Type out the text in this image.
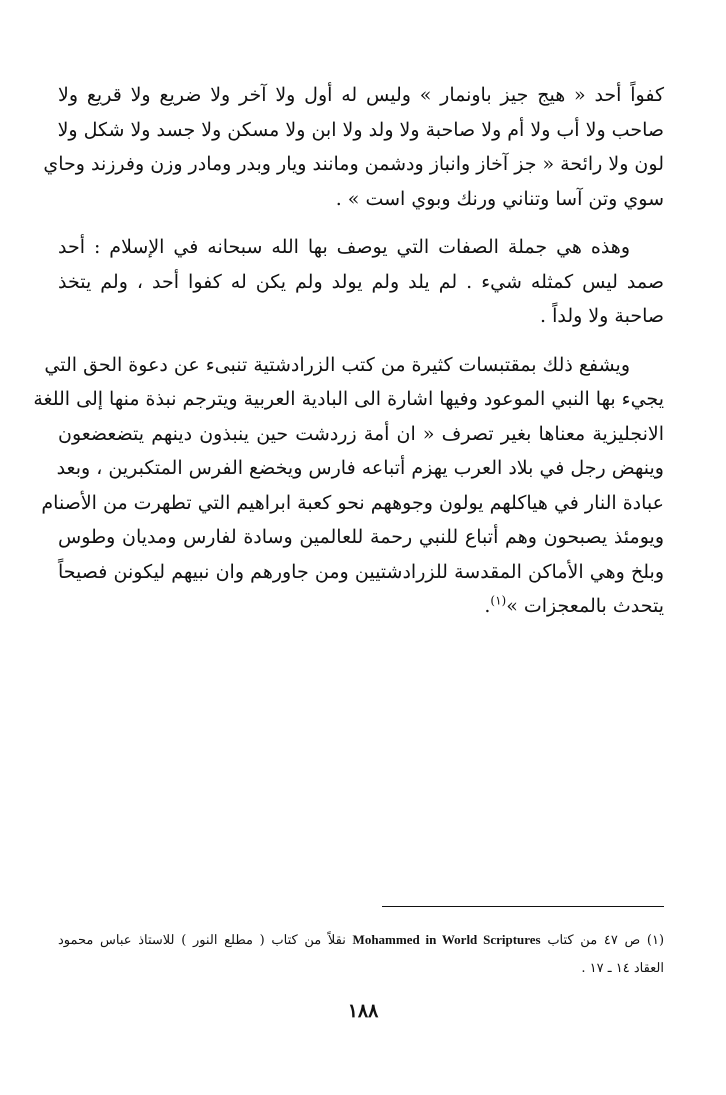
كفواً أحد « هيج جيز باونمار » وليس له أول ولا آخر ولا ضريع ولا قريع ولا
صاحب ولا أب ولا أم ولا صاحبة ولا ولد ولا ابن ولا مسكن ولا جسد ولا شكل ولا
لون ولا رائحة « جز آخاز وانباز ودشمن ومانند ويار وبدر ومادر وزن وفرزند وحاي
سوي وتن آسا وتناني ورنك وبوي است » .

وهذه هي جملة الصفات التي يوصف بها الله سبحانه في الإسلام : أحد
صمد ليس كمثله شيء . لم يلد ولم يولد ولم يكن له كفوا أحد ، ولم يتخذ
صاحبة ولا ولداً .

ويشفع ذلك بمقتبسات كثيرة من كتب الزرادشتية تنبىء عن دعوة الحق التي
يجيء بها النبي الموعود وفيها اشارة الى البادية العربية ويترجم نبذة منها إلى اللغة
الانجليزية معناها بغير تصرف « ان أمة زردشت حين ينبذون دينهم يتضعضعون
وينهض رجل في بلاد العرب يهزم أتباعه فارس ويخضع الفرس المتكبرين ، وبعد
عبادة النار في هياكلهم يولون وجوههم نحو كعبة ابراهيم التي تطهرت من الأصنام
ويومئذ يصبحون وهم أتباع للنبي رحمة للعالمين وسادة لفارس ومديان وطوس
وبلخ وهي الأماكن المقدسة للزرادشتيين ومن جاورهم وان نبيهم ليكونن فصيحاً
يتحدث بالمعجزات »$^{(١)}$.

(١) ص ٤٧ من كتاب Mohammed in World Scriptures نقلاً من كتاب ( مطلع النور ) للاستاذ عباس محمود
العقاد ١٤ ـ ١٧ .
١٨٨
